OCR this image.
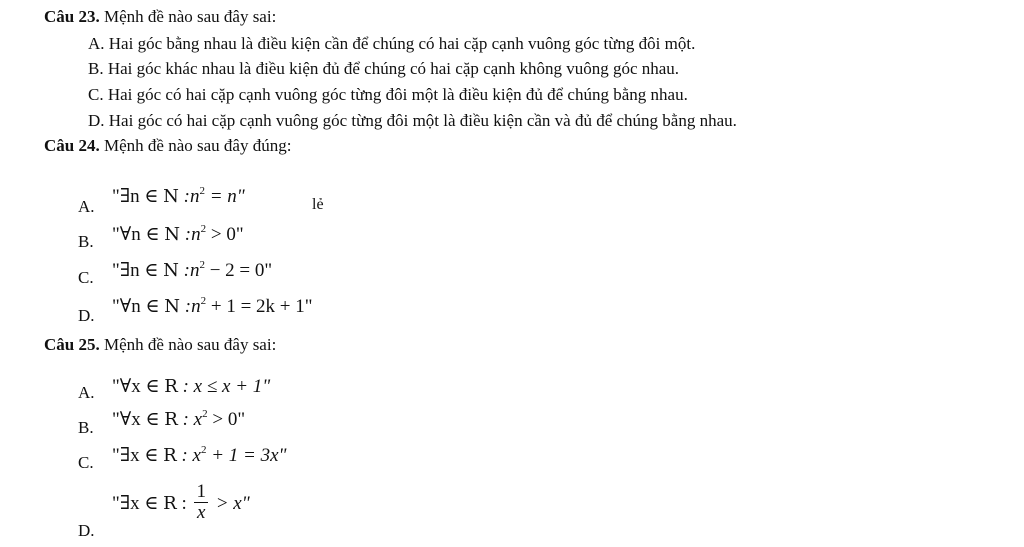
Câu 23. Mệnh đề nào sau đây sai:
A. Hai góc bằng nhau là điều kiện cần để chúng có hai cặp cạnh vuông góc từng đôi một.
B. Hai góc khác nhau là điều kiện đủ để chúng có hai cặp cạnh không vuông góc nhau.
C. Hai góc có hai cặp cạnh vuông góc từng đôi một là điều kiện đủ để chúng bằng nhau.
D. Hai góc có hai cặp cạnh vuông góc từng đôi một là điều kiện cần và đủ để chúng bằng nhau.
Câu 24. Mệnh đề nào sau đây đúng:
A. "∃n ∈ N $:n^2 = n$"	lẻ
B. "∀n ∈ N $:n^2 > 0$"
C. "∃n ∈ N $:n^2 - 2 = 0$"
D. "∀n ∈ N $:n^2 + 1 = 2k + 1$"
Câu 25. Mệnh đề nào sau đây sai:
A. "∀x ∈ R : x ≤ x + 1"
B. "∀x ∈ R : $x^2 > 0$"
C. "∃x ∈ R : $x^2 + 1 = 3x$"
D.
"∃x ∈ R : $\frac{1}{x} > x$"
